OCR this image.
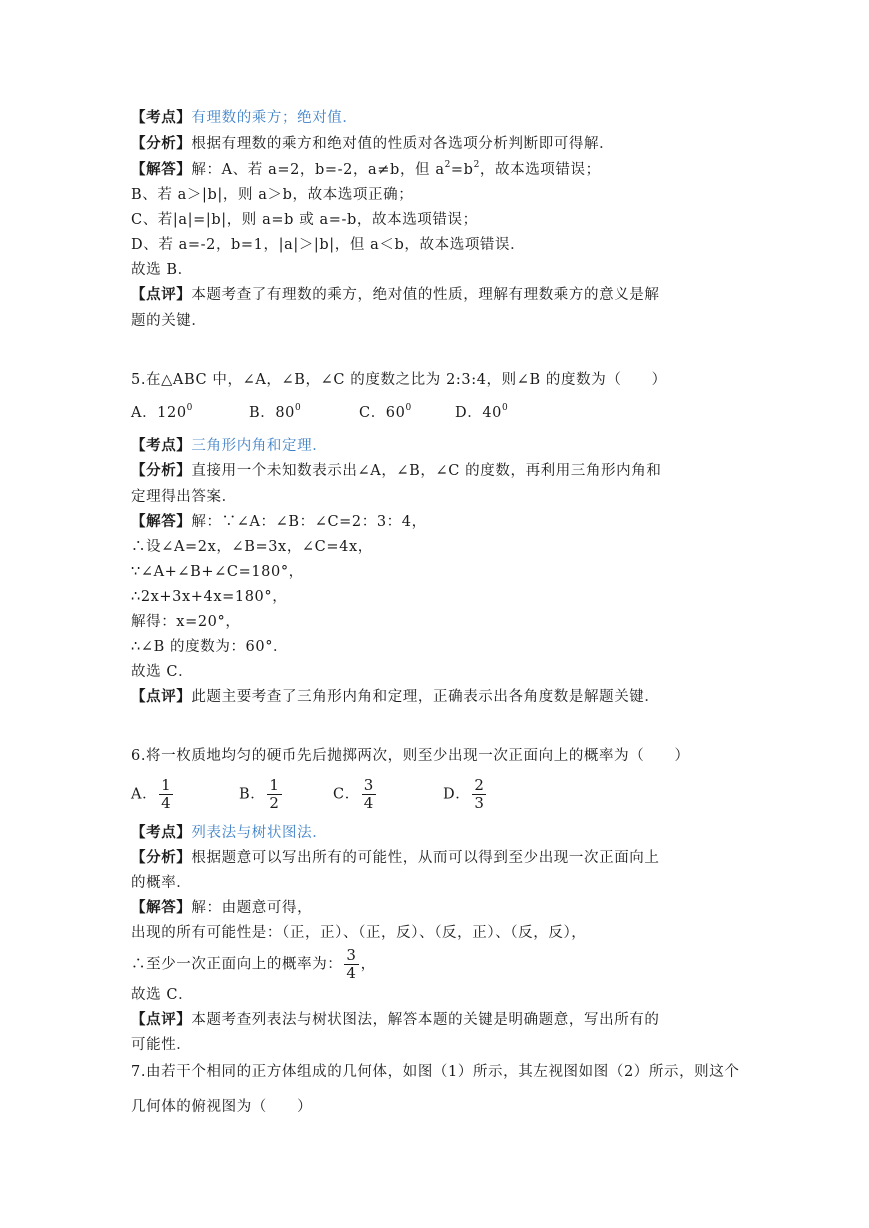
【考点】有理数的乘方；绝对值．
【分析】根据有理数的乘方和绝对值的性质对各选项分析判断即可得解．
【解答】解：A、若 a=2，b=-2，a≠b，但 $a^2=b^2$，故本选项错误；
B、若 a＞|b|，则 a＞b，故本选项正确；
C、若|a|=|b|，则 a=b 或 a=-b，故本选项错误；
D、若 a=-2，b=1，|a|＞|b|，但 a＜b，故本选项错误．
故选 B．
【点评】本题考查了有理数的乘方，绝对值的性质，理解有理数乘方的意义是解
题的关键．
5.在△ABC 中，∠A，∠B，∠C 的度数之比为 2:3:4，则∠B 的度数为（　　）
A．$120^0$	B．$80^0$	C．$60^0$	D．$40^0$
【考点】三角形内角和定理．
【分析】直接用一个未知数表示出∠A，∠B，∠C 的度数，再利用三角形内角和
定理得出答案．
【解答】解：∵∠A：∠B：∠C=2：3：4，
∴设∠A=2x，∠B=3x，∠C=4x，
∵∠A+∠B+∠C=180°，
∴2x+3x+4x=180°，
解得：x=20°，
∴∠B 的度数为：60°．
故选 C．
【点评】此题主要考查了三角形内角和定理，正确表示出各角度数是解题关键．
6.将一枚质地均匀的硬币先后抛掷两次，则至少出现一次正面向上的概率为（　　）
A． $\frac{1}{4}$	B． $\frac{1}{2}$	C． $\frac{3}{4}$	D． $\frac{2}{3}$
【考点】列表法与树状图法．
【分析】根据题意可以写出所有的可能性，从而可以得到至少出现一次正面向上
的概率．
【解答】解：由题意可得，
出现的所有可能性是：（正，正）、（正，反）、（反，正）、（反，反），
∴至少一次正面向上的概率为： $\frac{3}{4}$ ，
故选 C．
【点评】本题考查列表法与树状图法，解答本题的关键是明确题意，写出所有的
可能性．
7.由若干个相同的正方体组成的几何体，如图（1）所示，其左视图如图（2）所示，则这个
几何体的俯视图为（　　）
